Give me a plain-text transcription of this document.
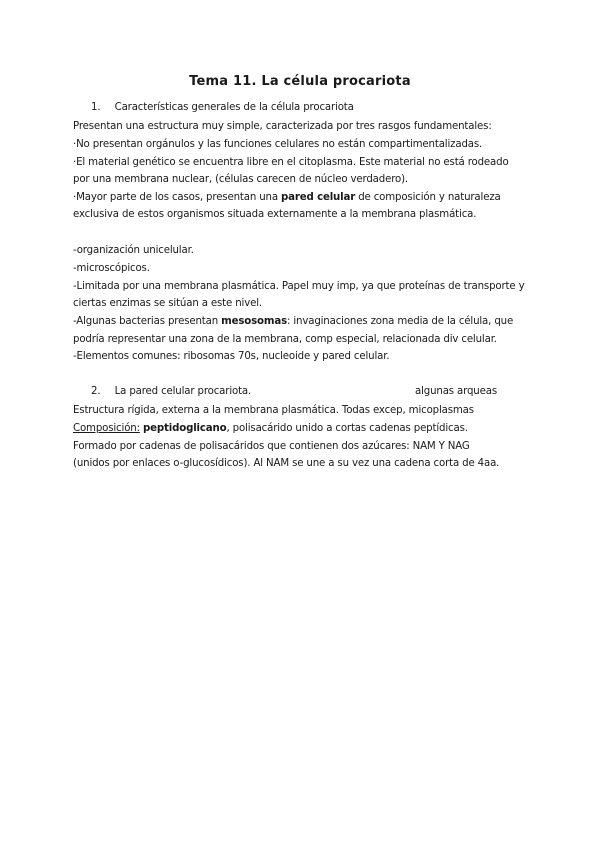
Tema 11. La célula procariota
1. Características generales de la célula procariota
Presentan una estructura muy simple, caracterizada por tres rasgos fundamentales:
·No presentan orgánulos y las funciones celulares no están compartimentalizadas.
·El material genético se encuentra libre en el citoplasma. Este material no está rodeado
por una membrana nuclear, (células carecen de núcleo verdadero).
·Mayor parte de los casos, presentan una pared celular de composición y naturaleza
exclusiva de estos organismos situada externamente a la membrana plasmática.
-organización unicelular.
-microscópicos.
-Limitada por una membrana plasmática. Papel muy imp, ya que proteínas de transporte y
ciertas enzimas se sitúan a este nivel.
-Algunas bacterias presentan mesosomas: invaginaciones zona media de la célula, que
podría representar una zona de la membrana, comp especial, relacionada div celular.
-Elementos comunes: ribosomas 70s, nucleoide y pared celular.
2. La pared celular procariota.	algunas arqueas
Estructura rígida, externa a la membrana plasmática. Todas excep, micoplasmas
Composición: peptidoglicano, polisacárido unido a cortas cadenas peptídicas.
Formado por cadenas de polisacáridos que contienen dos azúcares: NAM Y NAG
(unidos por enlaces o-glucosídicos). Al NAM se une a su vez una cadena corta de 4aa.
